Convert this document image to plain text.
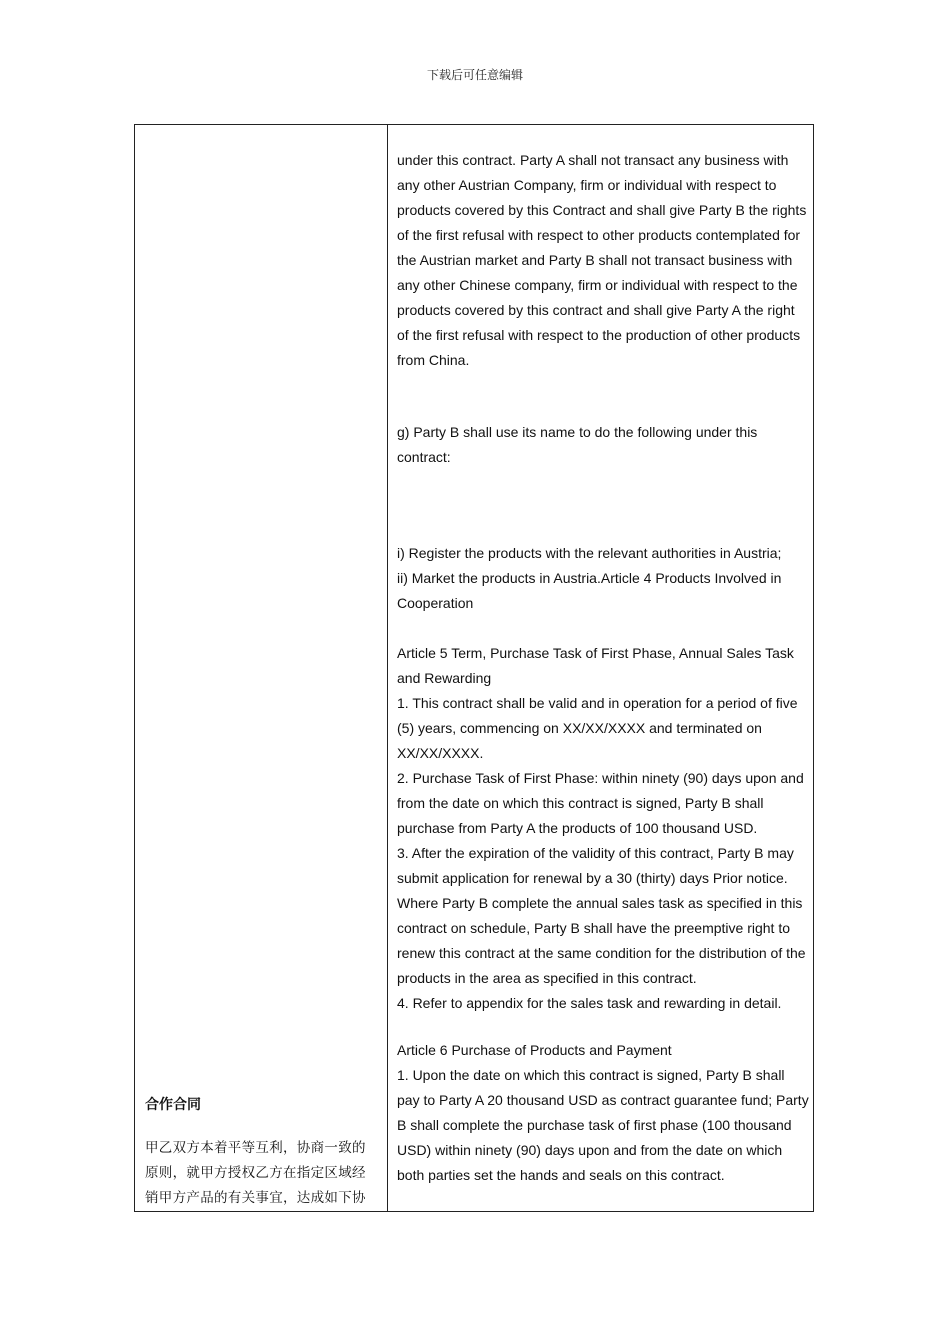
下载后可任意编辑

合作合同

甲乙双方本着平等互利，协商一致的原则，就甲方授权乙方在指定区域经销甲方产品的有关事宜，达成如下协

under this contract. Party A shall not transact any business with any other Austrian Company, firm or individual with respect to products covered by this Contract and shall give Party B the rights of the first refusal with respect to other products contemplated for the Austrian market and Party B shall not transact business with any other Chinese company, firm or individual with respect to the products covered by this contract and shall give Party A the right of the first refusal with respect to the production of other products from China.

g) Party B shall use its name to do the following under this contract:

i) Register the products with the relevant authorities in Austria;

ii) Market the products in Austria.Article 4 Products Involved in Cooperation

Article 5 Term, Purchase Task of First Phase, Annual Sales Task and Rewarding

1. This contract shall be valid and in operation for a period of five (5) years, commencing on XX/XX/XXXX and terminated on XX/XX/XXXX.

2. Purchase Task of First Phase: within ninety (90) days upon and from the date on which this contract is signed, Party B shall purchase from Party A the products of 100 thousand USD.

3. After the expiration of the validity of this contract, Party B may submit application for renewal by a 30 (thirty) days Prior notice. Where Party B complete the annual sales task as specified in this contract on schedule, Party B shall have the preemptive right to renew this contract at the same condition for the distribution of the products in the area as specified in this contract.

4. Refer to appendix for the sales task and rewarding in detail.

Article 6 Purchase of Products and Payment

1. Upon the date on which this contract is signed, Party B shall pay to Party A 20 thousand USD as contract guarantee fund; Party B shall complete the purchase task of first phase (100 thousand USD) within ninety (90) days upon and from the date on which both parties set the hands and seals on this contract.
